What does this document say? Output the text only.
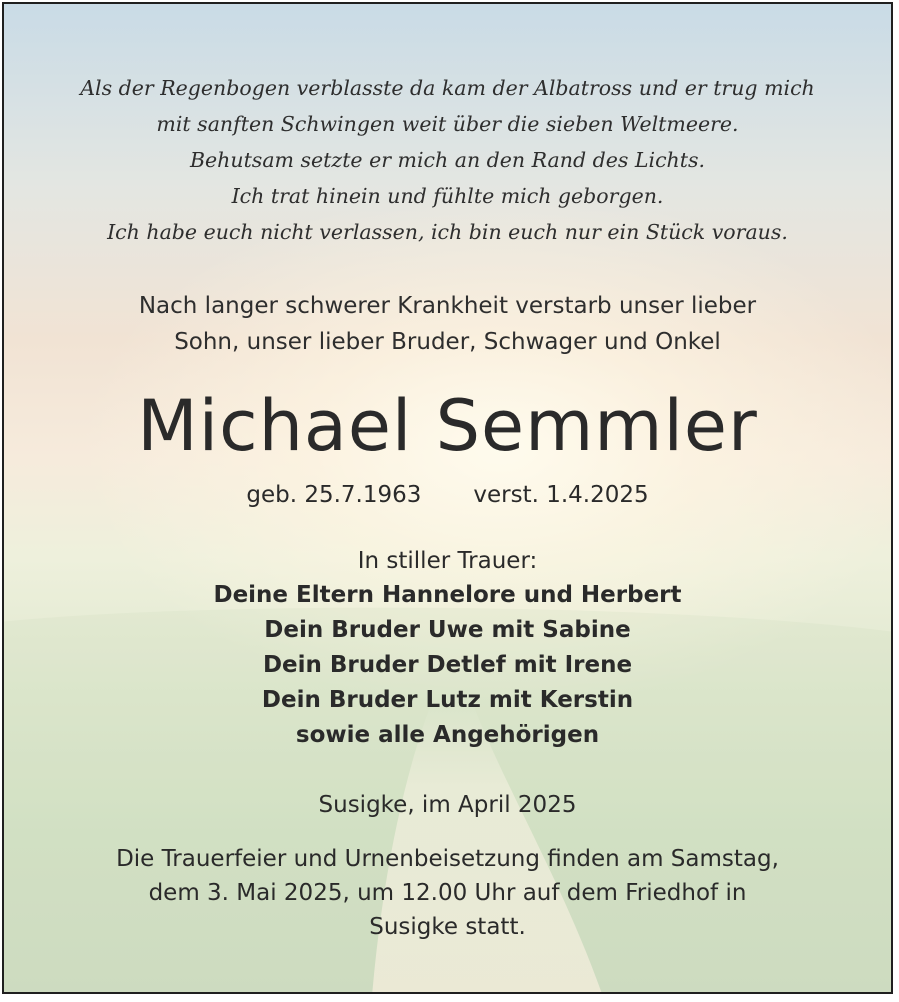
Als der Regenbogen verblasste da kam der Albatross und er trug mich
mit sanften Schwingen weit über die sieben Weltmeere.
Behutsam setzte er mich an den Rand des Lichts.
Ich trat hinein und fühlte mich geborgen.
Ich habe euch nicht verlassen, ich bin euch nur ein Stück voraus.
Nach langer schwerer Krankheit verstarb unser lieber
Sohn, unser lieber Bruder, Schwager und Onkel
Michael Semmler
geb. 25.7.1963 verst. 1.4.2025
In stiller Trauer:
Deine Eltern Hannelore und Herbert
Dein Bruder Uwe mit Sabine
Dein Bruder Detlef mit Irene
Dein Bruder Lutz mit Kerstin
sowie alle Angehörigen
Susigke, im April 2025
Die Trauerfeier und Urnenbeisetzung finden am Samstag,
dem 3. Mai 2025, um 12.00 Uhr auf dem Friedhof in
Susigke statt.
